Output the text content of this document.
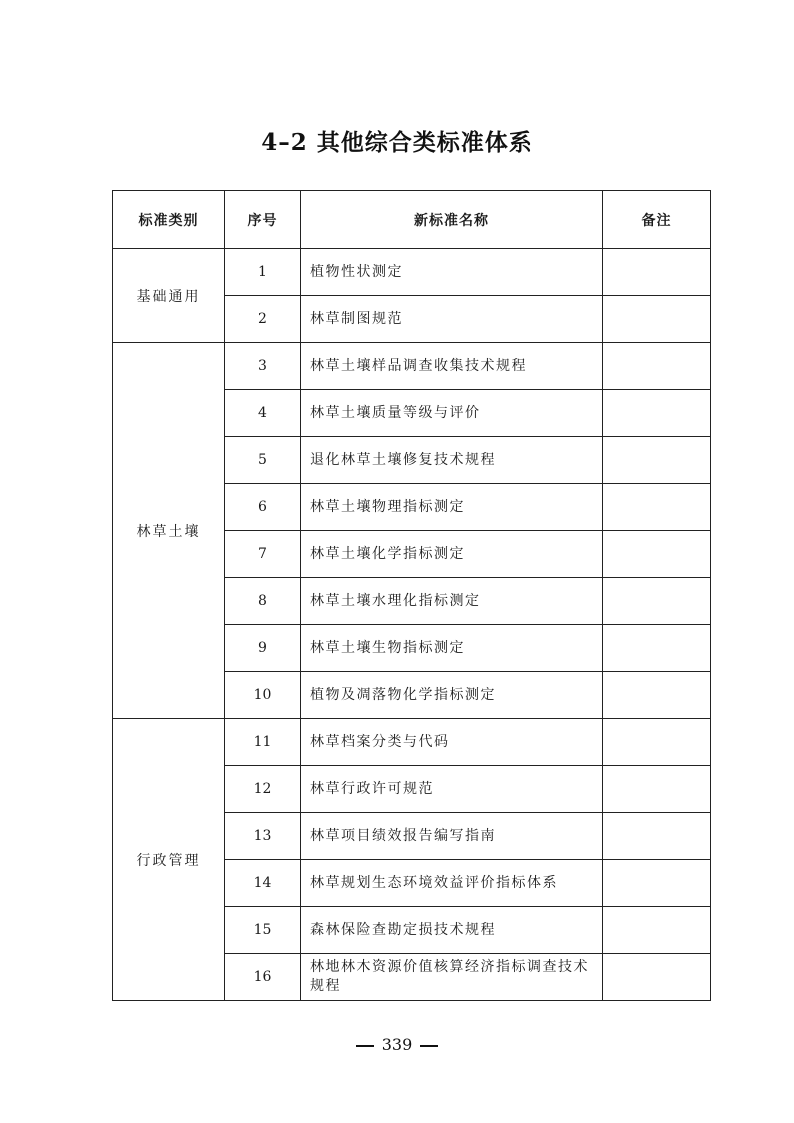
4–2 其他综合类标准体系
标准类别	序号	新标准名称	备注
基础通用	1	植物性状测定	
	2	林草制图规范	
林草土壤	3	林草土壤样品调查收集技术规程	
	4	林草土壤质量等级与评价	
	5	退化林草土壤修复技术规程	
	6	林草土壤物理指标测定	
	7	林草土壤化学指标测定	
	8	林草土壤水理化指标测定	
	9	林草土壤生物指标测定	
	10	植物及凋落物化学指标测定	
行政管理	11	林草档案分类与代码	
	12	林草行政许可规范	
	13	林草项目绩效报告编写指南	
	14	林草规划生态环境效益评价指标体系	
	15	森林保险查勘定损技术规程	
	16	林地林木资源价值核算经济指标调查技术规程	
339
